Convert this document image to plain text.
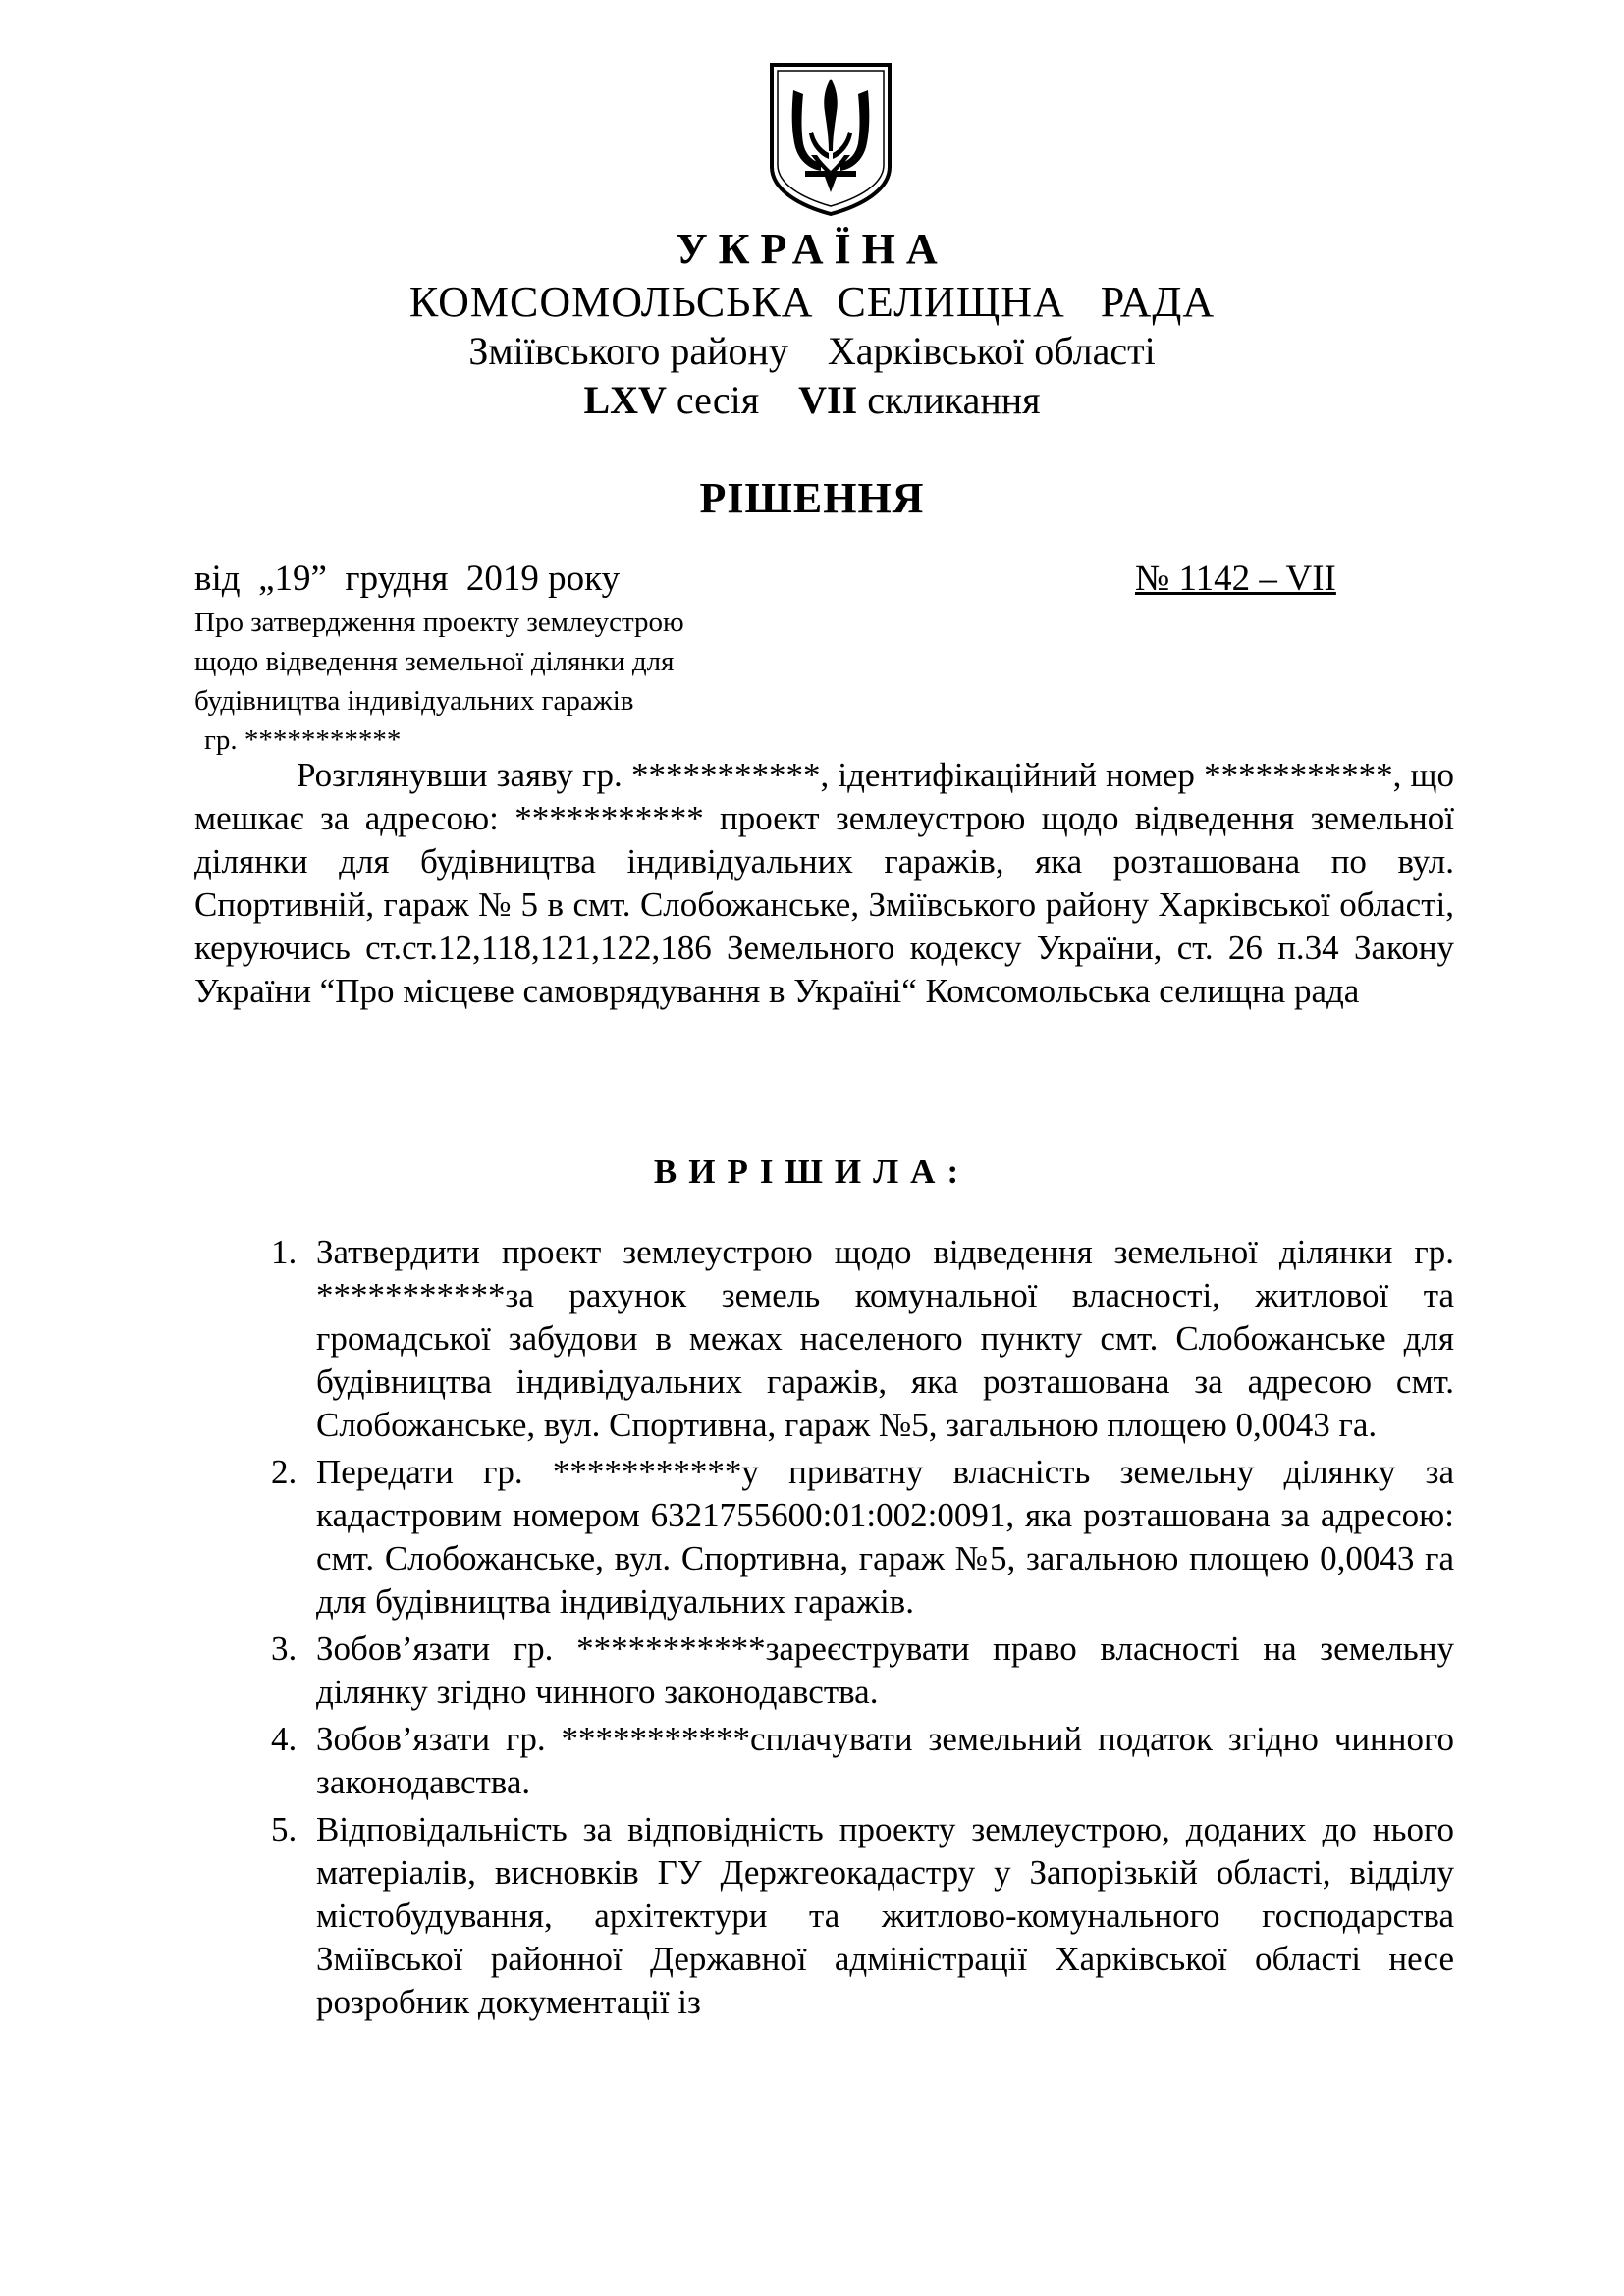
УКРАЇНА
КОМСОМОЛЬСЬКА  СЕЛИЩНА   РАДА
Зміївського району    Харківської області
LXV сесія VII скликання
РІШЕННЯ
від  „19”  грудня  2019 року	№ 1142 – VII
Про затвердження проекту землеустрою
щодо відведення земельної ділянки для
будівництва індивідуальних гаражів
гр. ***********
Розглянувши заяву гр. ***********, ідентифікаційний номер ***********, що мешкає за адресою: *********** проект землеустрою щодо відведення земельної ділянки для будівництва індивідуальних гаражів, яка розташована по вул. Спортивній, гараж № 5 в смт. Слобожанське, Зміївського району Харківської області, керуючись ст.ст.12,118,121,122,186 Земельного кодексу України, ст. 26 п.34 Закону України “Про місцеве самоврядування в Україні“ Комсомольська селищна рада
ВИРІШИЛА:
1. Затвердити проект землеустрою щодо відведення земельної ділянки гр. ***********за рахунок земель комунальної власності, житлової та громадської забудови в межах населеного пункту смт. Слобожанське для будівництва індивідуальних гаражів, яка розташована за адресою смт. Слобожанське, вул. Спортивна, гараж №5, загальною площею 0,0043 га.
2. Передати гр. ***********у приватну власність земельну ділянку за кадастровим номером 6321755600:01:002:0091, яка розташована за адресою: смт. Слобожанське, вул. Спортивна, гараж №5, загальною площею 0,0043 га для будівництва індивідуальних гаражів.
3. Зобов’язати гр. ***********зареєструвати право власності на земельну ділянку згідно чинного законодавства.
4. Зобов’язати гр. ***********сплачувати земельний податок згідно чинного законодавства.
5. Відповідальність за відповідність проекту землеустрою, доданих до нього матеріалів, висновків ГУ Держгеокадастру у Запорізькій області, відділу містобудування, архітектури та житлово-комунального господарства Зміївської районної Державної адміністрації Харківської області несе розробник документації із
